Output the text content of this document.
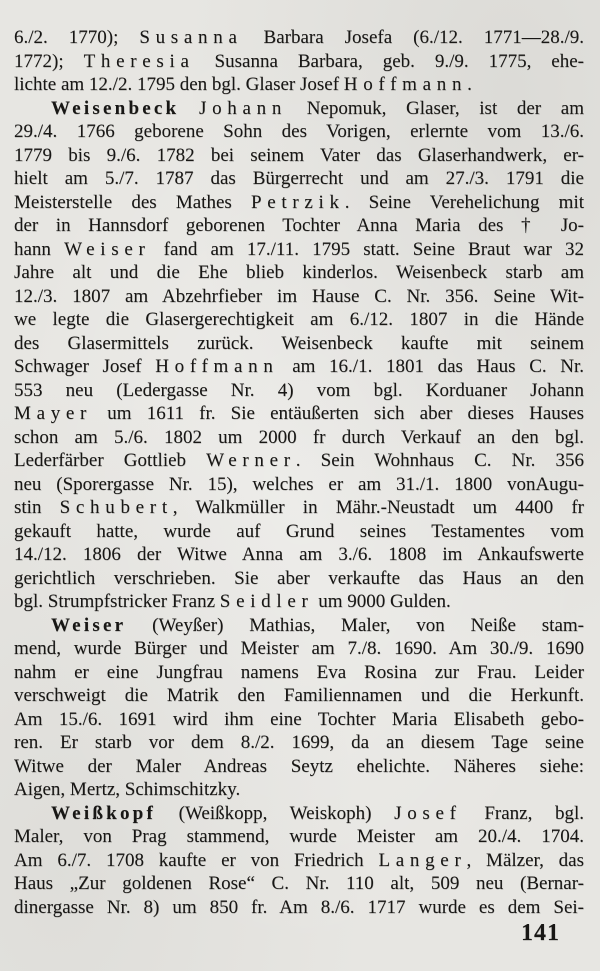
6./2. 1770); Susanna Barbara Josefa (6./12. 1771—28./9.
1772); Theresia Susanna Barbara, geb. 9./9. 1775, ehe-
lichte am 12./2. 1795 den bgl. Glaser Josef Hoffmann.
Weisenbeck Johann Nepomuk, Glaser, ist der am
29./4. 1766 geborene Sohn des Vorigen, erlernte vom 13./6.
1779 bis 9./6. 1782 bei seinem Vater das Glaserhandwerk, er-
hielt am 5./7. 1787 das Bürgerrecht und am 27./3. 1791 die
Meisterstelle des Mathes Petrzik. Seine Verehelichung mit
der in Hannsdorf geborenen Tochter Anna Maria des † Jo-
hann Weiser fand am 17./11. 1795 statt. Seine Braut war 32
Jahre alt und die Ehe blieb kinderlos. Weisenbeck starb am
12./3. 1807 am Abzehrfieber im Hause C. Nr. 356. Seine Wit-
we legte die Glasergerechtigkeit am 6./12. 1807 in die Hände
des Glasermittels zurück. Weisenbeck kaufte mit seinem
Schwager Josef Hoffmann am 16./1. 1801 das Haus C. Nr.
553 neu (Ledergasse Nr. 4) vom bgl. Korduaner Johann
Mayer um 1611 fr. Sie entäußerten sich aber dieses Hauses
schon am 5./6. 1802 um 2000 fr durch Verkauf an den bgl.
Lederfärber Gottlieb Werner. Sein Wohnhaus C. Nr. 356
neu (Sporergasse Nr. 15), welches er am 31./1. 1800 vonAugu-
stin Schubert, Walkmüller in Mähr.-Neustadt um 4400 fr
gekauft hatte, wurde auf Grund seines Testamentes vom
14./12. 1806 der Witwe Anna am 3./6. 1808 im Ankaufswerte
gerichtlich verschrieben. Sie aber verkaufte das Haus an den
bgl. Strumpfstricker Franz Seidler um 9000 Gulden.
Weiser (Weyßer) Mathias, Maler, von Neiße stam-
mend, wurde Bürger und Meister am 7./8. 1690. Am 30./9. 1690
nahm er eine Jungfrau namens Eva Rosina zur Frau. Leider
verschweigt die Matrik den Familiennamen und die Herkunft.
Am 15./6. 1691 wird ihm eine Tochter Maria Elisabeth gebo-
ren. Er starb vor dem 8./2. 1699, da an diesem Tage seine
Witwe der Maler Andreas Seytz ehelichte. Näheres siehe:
Aigen, Mertz, Schimschitzky.
Weißkopf (Weißkopp, Weiskoph) Josef Franz, bgl.
Maler, von Prag stammend, wurde Meister am 20./4. 1704.
Am 6./7. 1708 kaufte er von Friedrich Langer, Mälzer, das
Haus „Zur goldenen Rose“ C. Nr. 110 alt, 509 neu (Bernar-
dinergasse Nr. 8) um 850 fr. Am 8./6. 1717 wurde es dem Sei-
141
